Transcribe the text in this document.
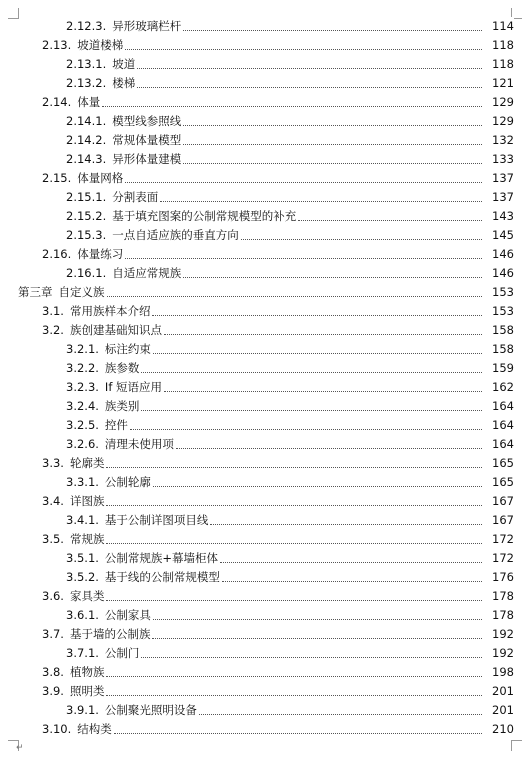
2.12.3. 异形玻璃栏杆	114
2.13. 坡道楼梯	118
2.13.1. 坡道	118
2.13.2. 楼梯	121
2.14. 体量	129
2.14.1. 模型线参照线	129
2.14.2. 常规体量模型	132
2.14.3. 异形体量建模	133
2.15. 体量网格	137
2.15.1. 分割表面	137
2.15.2. 基于填充图案的公制常规模型的补充	143
2.15.3. 一点自适应族的垂直方向	145
2.16. 体量练习	146
2.16.1. 自适应常规族	146
第三章 自定义族	153
3.1. 常用族样本介绍	153
3.2. 族创建基础知识点	158
3.2.1. 标注约束	158
3.2.2. 族参数	159
3.2.3. If 短语应用	162
3.2.4. 族类别	164
3.2.5. 控件	164
3.2.6. 清理未使用项	164
3.3. 轮廓类	165
3.3.1. 公制轮廓	165
3.4. 详图族	167
3.4.1. 基于公制详图项目线	167
3.5. 常规族	172
3.5.1. 公制常规族+幕墙柜体	172
3.5.2. 基于线的公制常规模型	176
3.6. 家具类	178
3.6.1. 公制家具	178
3.7. 基于墙的公制族	192
3.7.1. 公制门	192
3.8. 植物族	198
3.9. 照明类	201
3.9.1. 公制聚光照明设备	201
3.10. 结构类	210
↵
